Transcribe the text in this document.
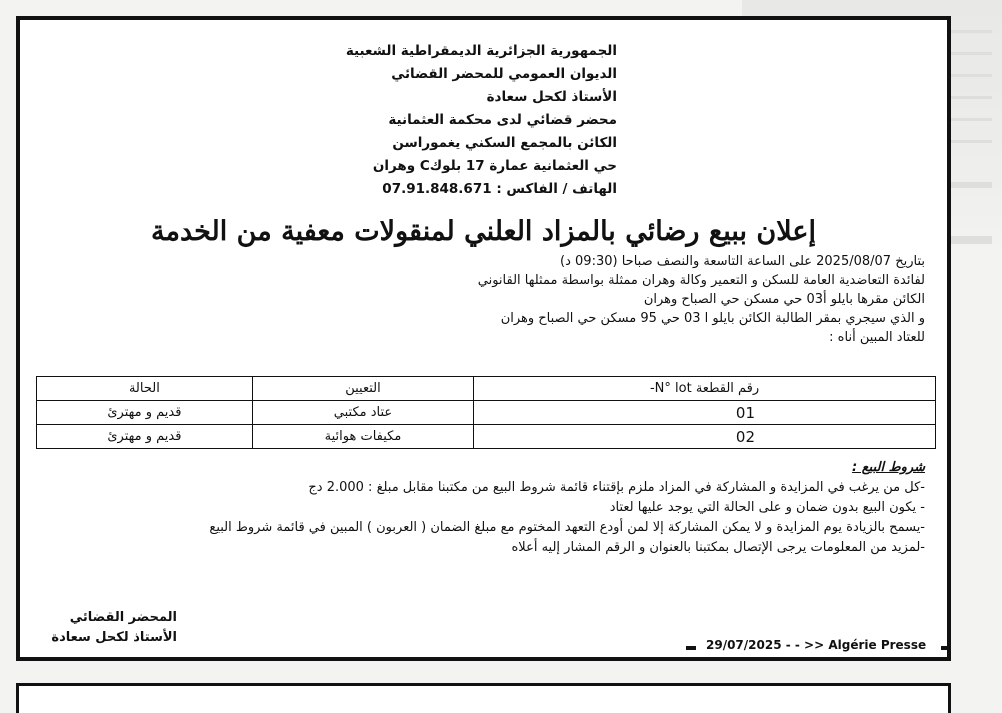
الجمهورية الجزائرية الديمقراطية الشعبية
الديوان العمومي للمحضر القضائي
الأستاذ لكحل سعادة
محضر قضائي لدى محكمة العثمانية
الكائن بالمجمع السكني يغموراسن
حي العثمانية عمارة 17 بلوكC وهران
الهاتف / الفاكس : 07.91.848.671
إعلان ببيع رضائي بالمزاد العلني لمنقولات معفية من الخدمة
بتاريخ 2025/08/07 على الساعة التاسعة والنصف صباحا (09:30 د)
لفائدة التعاضدية العامة للسكن و التعمير وكالة وهران ممثلة بواسطة ممثلها القانوني
الكائن مقرها بايلو أ03 حي مسكن حي الصباح وهران
و الذي سيجري بمقر الطالبة الكائن بايلو ا 03 حي 95 مسكن حي الصباح وهران
للعتاد المبين أناه :
رقم القطعة N° lot-	التعيين	الحالة
01	عتاد مكتبي	قديم و مهترئ
02	مكيفات هوائية	قديم و مهترئ
شروط البيع :
-كل من يرغب في المزايدة و المشاركة في المزاد ملزم بإقتناء قائمة شروط البيع من مكتبنا مقابل مبلغ : 2.000 دج
- يكون البيع بدون ضمان و على الحالة التي يوجد عليها لعتاد
-يسمح بالزيادة يوم المزايدة و لا يمكن المشاركة إلا لمن أودع التعهد المختوم مع مبلغ الضمان ( العربون ) المبين في قائمة شروط البيع
-لمزيد من المعلومات يرجى الإتصال بمكتبنا بالعنوان و الرقم المشار إليه أعلاه
المحضر القضائي
الأستاذ لكحل سعادة	29/07/2025 - - >> Algérie Presse
